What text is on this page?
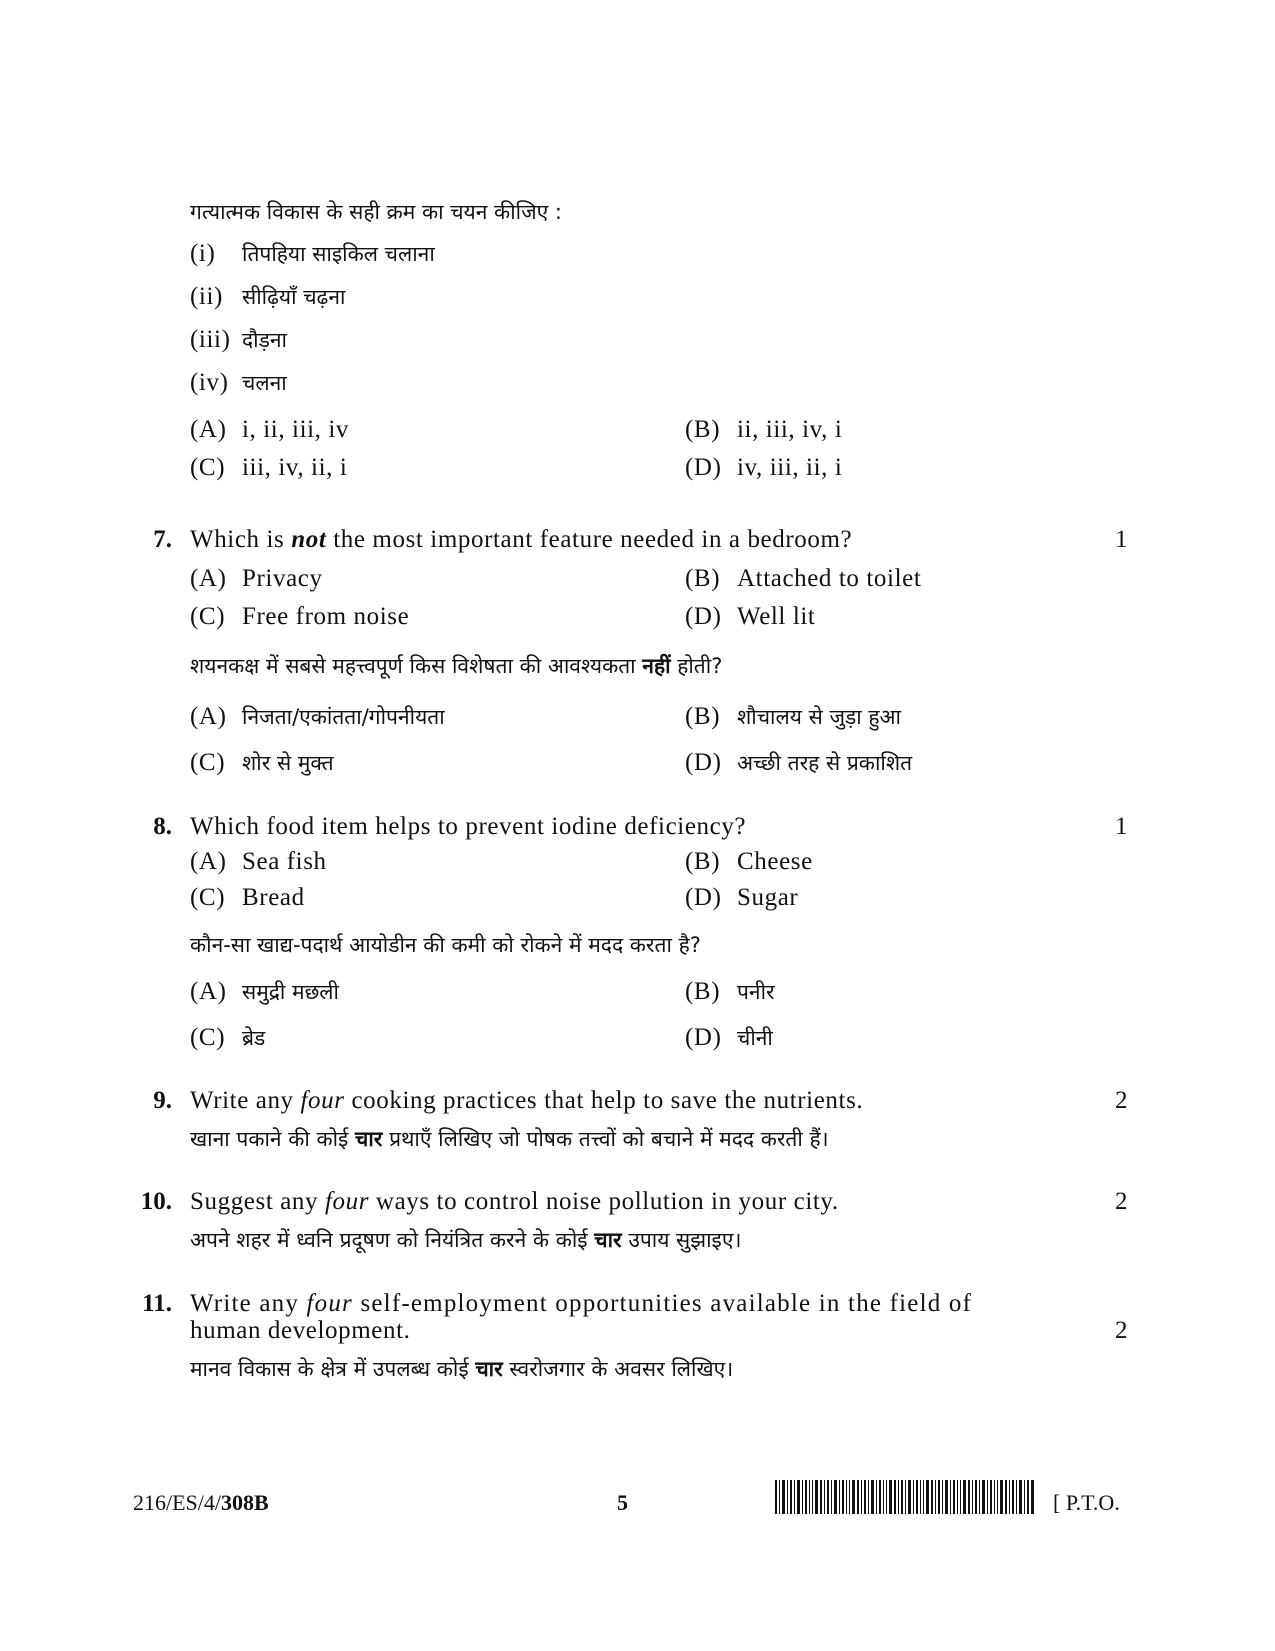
गत्यात्मक विकास के सही क्रम का चयन कीजिए :
(i) तिपहिया साइकिल चलाना
(ii) सीढ़ियाँ चढ़ना
(iii) दौड़ना
(iv) चलना
(A) i, ii, iii, iv	(B) ii, iii, iv, i
(C) iii, iv, ii, i	(D) iv, iii, ii, i
7. Which is not the most important feature needed in a bedroom?	1
(A) Privacy	(B) Attached to toilet
(C) Free from noise	(D) Well lit
शयनकक्ष में सबसे महत्त्वपूर्ण किस विशेषता की आवश्यकता नहीं होती?
(A) निजता/एकांतता/गोपनीयता	(B) शौचालय से जुड़ा हुआ
(C) शोर से मुक्त	(D) अच्छी तरह से प्रकाशित
8. Which food item helps to prevent iodine deficiency?	1
(A) Sea fish	(B) Cheese
(C) Bread	(D) Sugar
कौन-सा खाद्य-पदार्थ आयोडीन की कमी को रोकने में मदद करता है?
(A) समुद्री मछली	(B) पनीर
(C) ब्रेड	(D) चीनी
9. Write any four cooking practices that help to save the nutrients.	2
खाना पकाने की कोई चार प्रथाएँ लिखिए जो पोषक तत्त्वों को बचाने में मदद करती हैं।
10. Suggest any four ways to control noise pollution in your city.	2
अपने शहर में ध्वनि प्रदूषण को नियंत्रित करने के कोई चार उपाय सुझाइए।
11. Write any four self-employment opportunities available in the field of
human development.	2
मानव विकास के क्षेत्र में उपलब्ध कोई चार स्वरोजगार के अवसर लिखिए।
216/ES/4/308B	5	[ P.T.O.
